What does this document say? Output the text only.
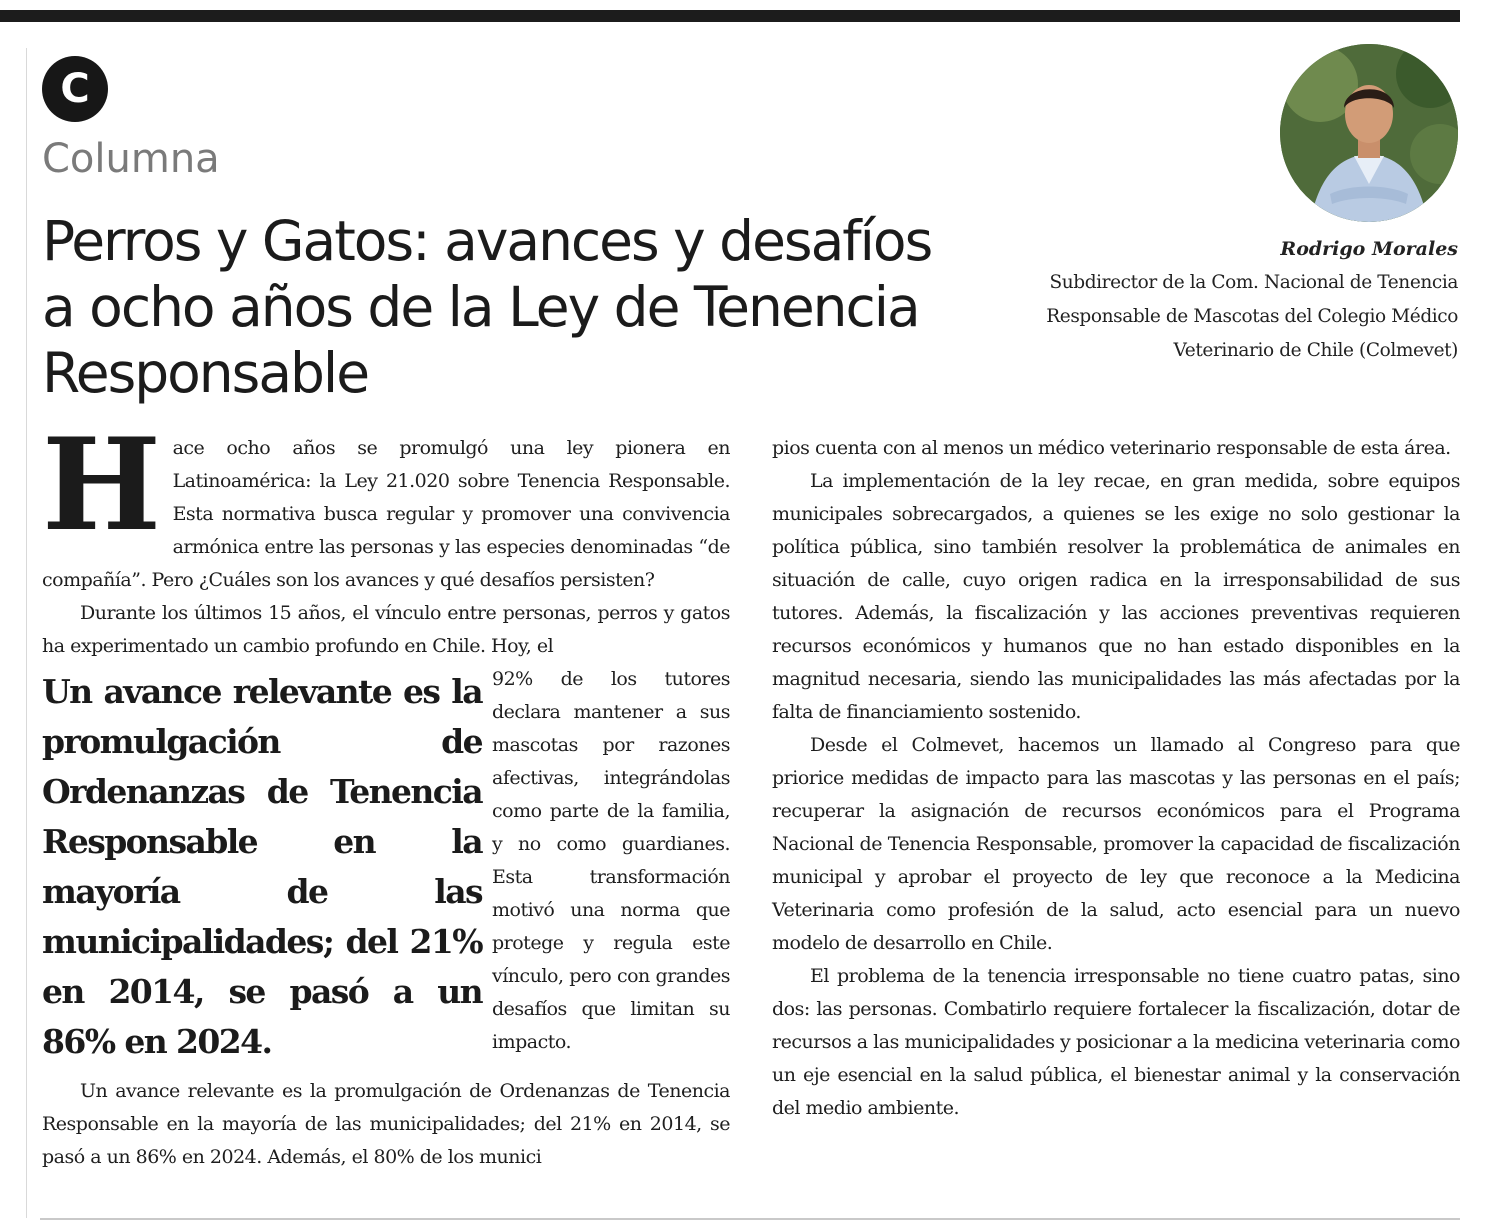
C
Columna
Perros y Gatos: avances y desafíos a ocho años de la Ley de Tenencia Responsable
Rodrigo Morales
Subdirector de la Com. Nacional de Tenencia Responsable de Mascotas del Colegio Médico Veterinario de Chile (Colmevet)

Hace ocho años se promulgó una ley pionera en Latinoamérica: la Ley 21.020 sobre Tenencia Responsable. Esta normativa busca regular y promover una convivencia armónica entre las personas y las especies denominadas “de compañía”. Pero ¿Cuáles son los avances y qué desafíos persisten?

Durante los últimos 15 años, el vínculo entre personas, perros y gatos ha experimentado un cambio profundo en Chile. Hoy, el

Un avance relevante es la promulgación de Ordenanzas de Tenencia Responsable en la mayoría de las municipalidades; del 21% en 2014, se pasó a un 86% en 2024.
92% de los tutores declara mantener a sus mascotas por razones afectivas, integrándolas como parte de la familia, y no como guardianes. Esta transformación motivó una norma que protege y regula este vínculo, pero con grandes desafíos que limitan su impacto.

Un avance relevante es la promulgación de Ordenanzas de Tenencia Responsable en la mayoría de las municipalidades; del 21% en 2014, se pasó a un 86% en 2024. Además, el 80% de los munici

pios cuenta con al menos un médico veterinario responsable de esta área.

La implementación de la ley recae, en gran medida, sobre equipos municipales sobrecargados, a quienes se les exige no solo gestionar la política pública, sino también resolver la problemática de animales en situación de calle, cuyo origen radica en la irresponsabilidad de sus tutores. Además, la fiscalización y las acciones preventivas requieren recursos económicos y humanos que no han estado disponibles en la magnitud necesaria, siendo las municipalidades las más afectadas por la falta de financiamiento sostenido.

Desde el Colmevet, hacemos un llamado al Congreso para que priorice medidas de impacto para las mascotas y las personas en el país; recuperar la asignación de recursos económicos para el Programa Nacional de Tenencia Responsable, promover la capacidad de fiscalización municipal y aprobar el proyecto de ley que reconoce a la Medicina Veterinaria como profesión de la salud, acto esencial para un nuevo modelo de desarrollo en Chile.

El problema de la tenencia irresponsable no tiene cuatro patas, sino dos: las personas. Combatirlo requiere fortalecer la fiscalización, dotar de recursos a las municipalidades y posicionar a la medicina veterinaria como un eje esencial en la salud pública, el bienestar animal y la conservación del medio ambiente.
